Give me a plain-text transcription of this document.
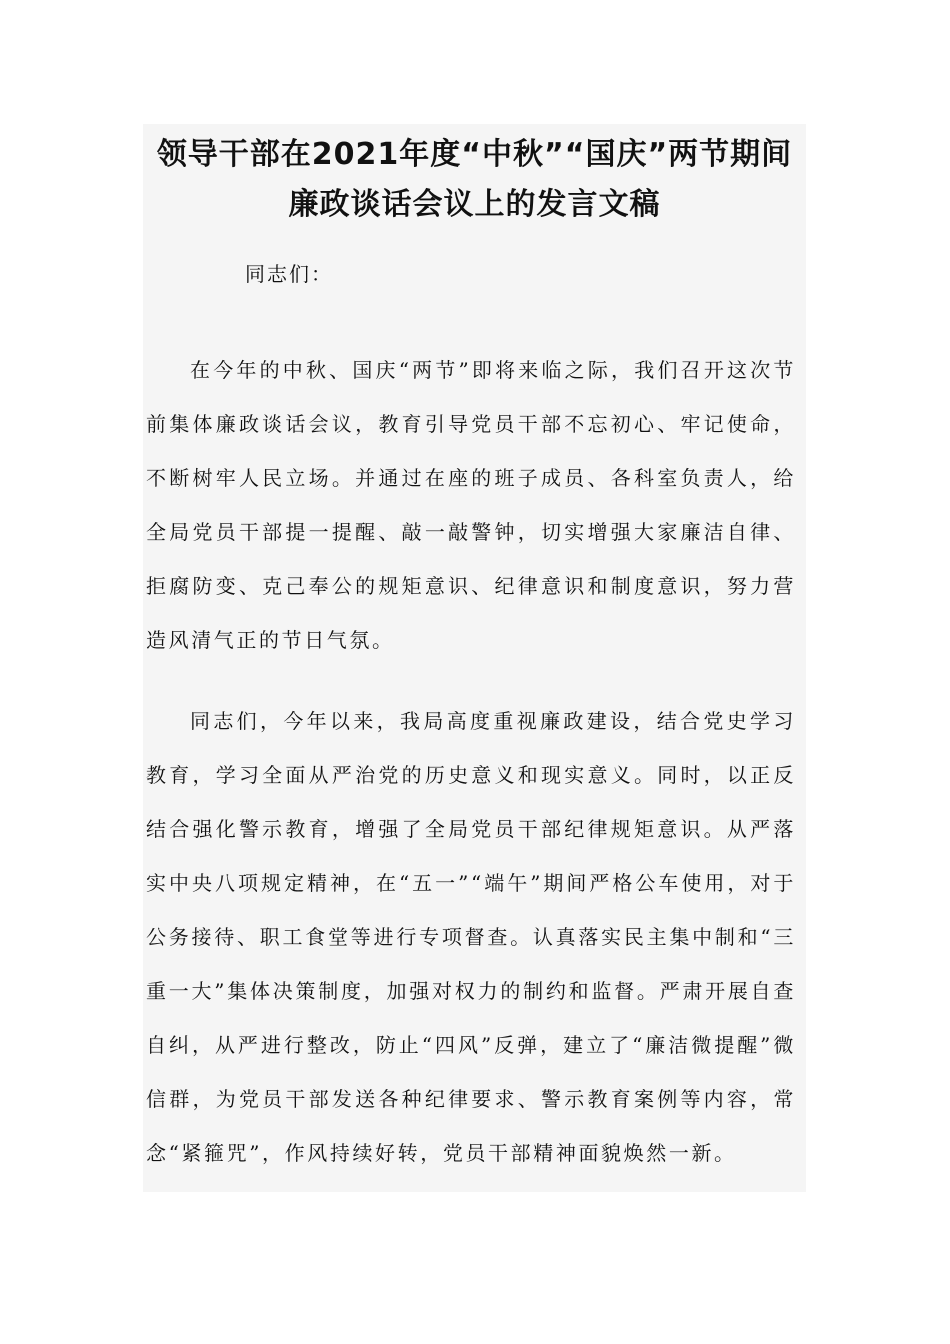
领导干部在2021年度“中秋”“国庆”两节期间廉政谈话会议上的发言文稿

同志们：

在今年的中秋、国庆“两节”即将来临之际，我们召开这次节前集体廉政谈话会议，教育引导党员干部不忘初心、牢记使命，不断树牢人民立场。并通过在座的班子成员、各科室负责人，给全局党员干部提一提醒、敲一敲警钟，切实增强大家廉洁自律、拒腐防变、克己奉公的规矩意识、纪律意识和制度意识，努力营造风清气正的节日气氛。

同志们，今年以来，我局高度重视廉政建设，结合党史学习教育，学习全面从严治党的历史意义和现实意义。同时，以正反结合强化警示教育，增强了全局党员干部纪律规矩意识。从严落实中央八项规定精神，在“五一”“端午”期间严格公车使用，对于公务接待、职工食堂等进行专项督查。认真落实民主集中制和“三重一大”集体决策制度，加强对权力的制约和监督。严肃开展自查自纠，从严进行整改，防止“四风”反弹，建立了“廉洁微提醒”微信群，为党员干部发送各种纪律要求、警示教育案例等内容，常念“紧箍咒”，作风持续好转，党员干部精神面貌焕然一新。
